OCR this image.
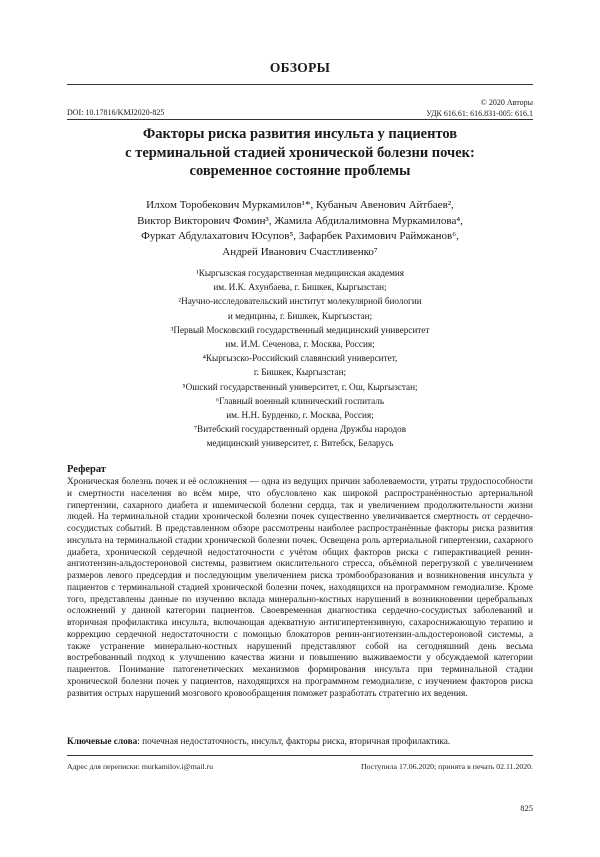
ОБЗОРЫ
DOI: 10.17816/KMJ2020-825
© 2020 Авторы
УДК 616.61: 616.831-005: 616.1
Факторы риска развития инсульта у пациентов
с терминальной стадией хронической болезни почек:
современное состояние проблемы
Илхом Торобекович Муркамилов¹*, Кубаныч Авенович Айтбаев²,
Виктор Викторович Фомин³, Жамила Абдилалимовна Муркамилова⁴,
Фуркат Абдулахатович Юсупов⁵, Зафарбек Рахимович Раймжанов⁶,
Андрей Иванович Счастливенко⁷
¹Кыргызская государственная медицинская академия
им. И.К. Ахунбаева, г. Бишкек, Кыргызстан;
²Научно-исследовательский институт молекулярной биологии
и медицины, г. Бишкек, Кыргызстан;
³Первый Московский государственный медицинский университет
им. И.М. Сеченова, г. Москва, Россия;
⁴Кыргызско-Российский славянский университет,
г. Бишкек, Кыргызстан;
⁵Ошский государственный университет, г. Ош, Кыргызстан;
⁶Главный военный клинический госпиталь
им. Н.Н. Бурденко, г. Москва, Россия;
⁷Витебский государственный ордена Дружбы народов
медицинский университет, г. Витебск, Беларусь
Реферат
Хроническая болезнь почек и её осложнения — одна из ведущих причин заболеваемости, утраты трудоспособности и смертности населения во всём мире, что обусловлено как широкой распространённостью артериальной гипертензии, сахарного диабета и ишемической болезни сердца, так и увеличением продолжительности жизни людей. На терминальной стадии хронической болезни почек существенно увеличивается смертность от сердечно-сосудистых событий. В представленном обзоре рассмотрены наиболее распространённые факторы риска развития инсульта на терминальной стадии хронической болезни почек. Освещена роль артериальной гипертензии, сахарного диабета, хронической сердечной недостаточности с учётом общих факторов риска с гиперактивацией ренин-ангиотензин-альдостероновой системы, развитием окислительного стресса, объёмной перегрузкой с увеличением размеров левого предсердия и последующим увеличением риска тромбообразования и возникновения инсульта у пациентов с терминальной стадией хронической болезни почек, находящихся на программном гемодиализе. Кроме того, представлены данные по изучению вклада минерально-костных нарушений в возникновении церебральных осложнений у данной категории пациентов. Своевременная диагностика сердечно-сосудистых заболеваний и вторичная профилактика инсульта, включающая адекватную антигипертензивную, сахароснижающую терапию и коррекцию сердечной недостаточности с помощью блокаторов ренин-ангиотензин-альдостероновой системы, а также устранение минерально-костных нарушений представляют собой на сегодняшний день весьма востребованный подход к улучшению качества жизни и повышению выживаемости у обсуждаемой категории пациентов. Понимание патогенетических механизмов формирования инсульта при терминальной стадии хронической болезни почек у пациентов, находящихся на программном гемодиализе, с изучением факторов риска развития острых нарушений мозгового кровообращения поможет разработать стратегию их ведения.
Ключевые слова: почечная недостаточность, инсульт, факторы риска, вторичная профилактика.
Адрес для переписки: murkamilov.i@mail.ru	Поступила 17.06.2020; принята в печать 02.11.2020.
825
